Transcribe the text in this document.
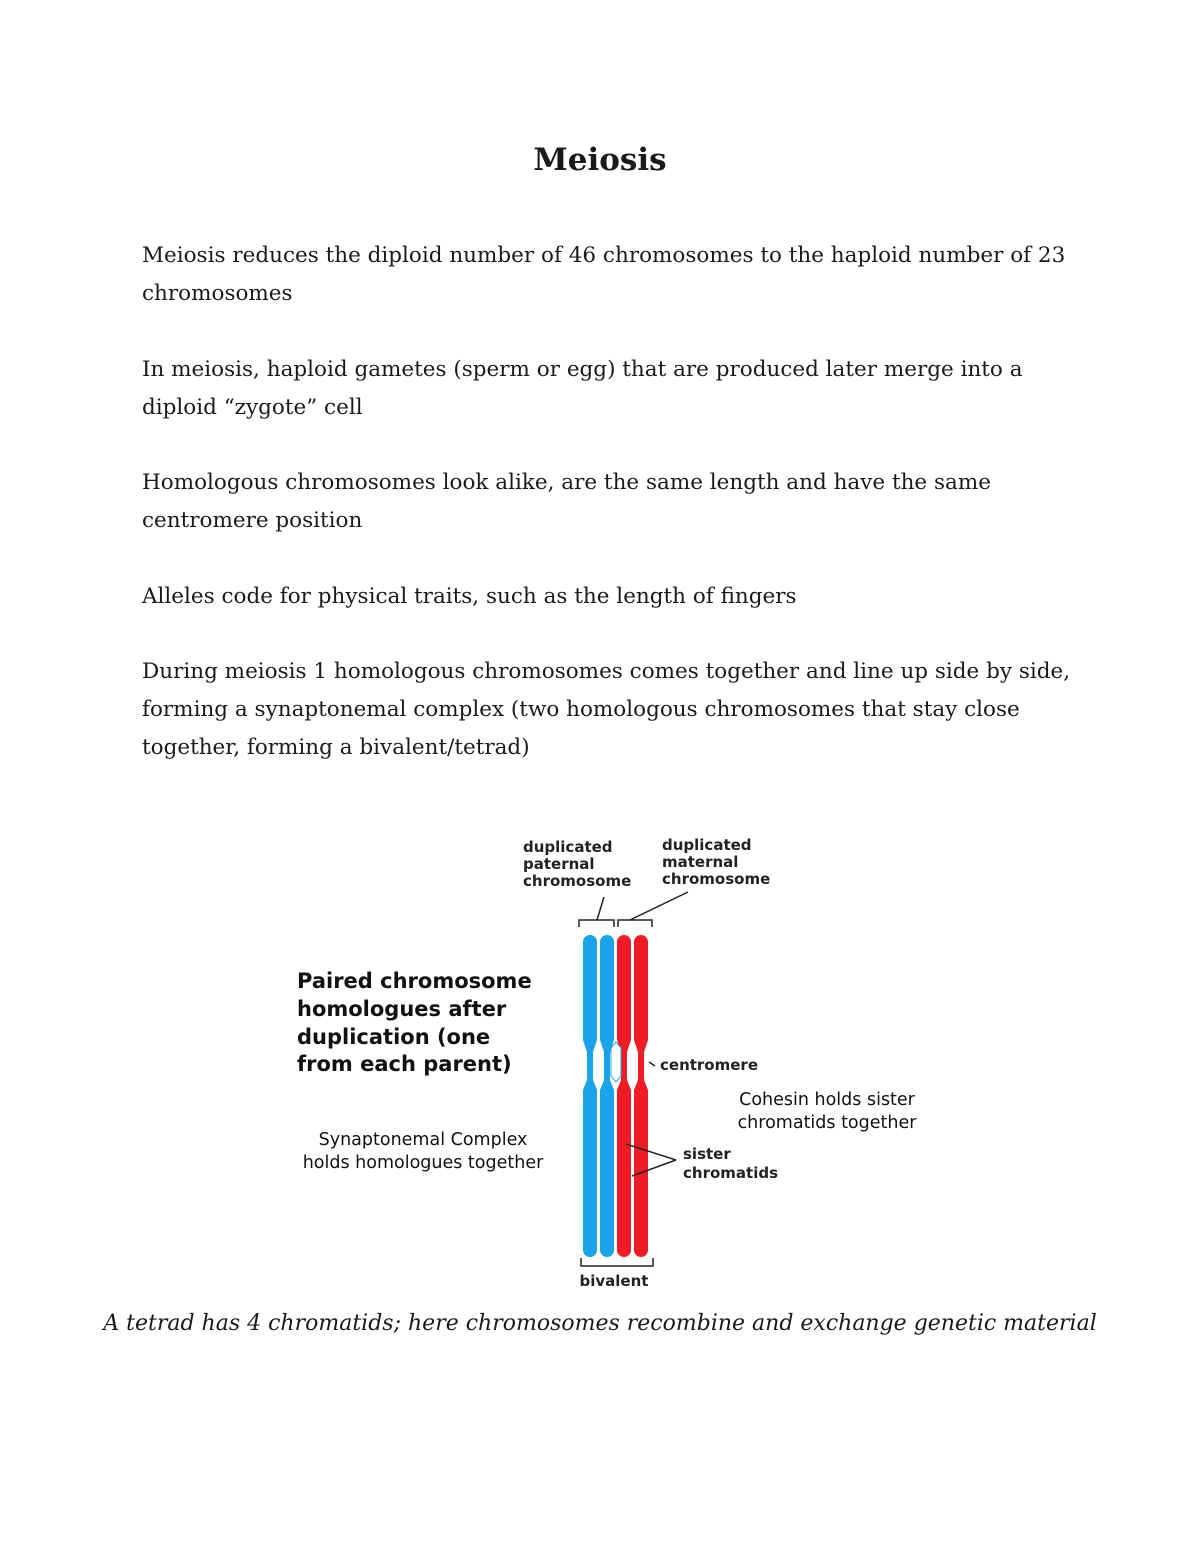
Meiosis

Meiosis reduces the diploid number of 46 chromosomes to the haploid number of 23 chromosomes

In meiosis, haploid gametes (sperm or egg) that are produced later merge into a diploid “zygote” cell

Homologous chromosomes look alike, are the same length and have the same centromere position

Alleles code for physical traits, such as the length of fingers

During meiosis 1 homologous chromosomes comes together and line up side by side, forming a synaptonemal complex (two homologous chromosomes that stay close together, forming a bivalent/tetrad)

duplicated
paternal
chromosome
duplicated
maternal
chromosome
Paired chromosome
homologues after
duplication (one
from each parent)
Synaptonemal Complex
holds homologues together
centromere
Cohesin holds sister
chromatids together
sister
chromatids
bivalent

A tetrad has 4 chromatids; here chromosomes recombine and exchange genetic material
